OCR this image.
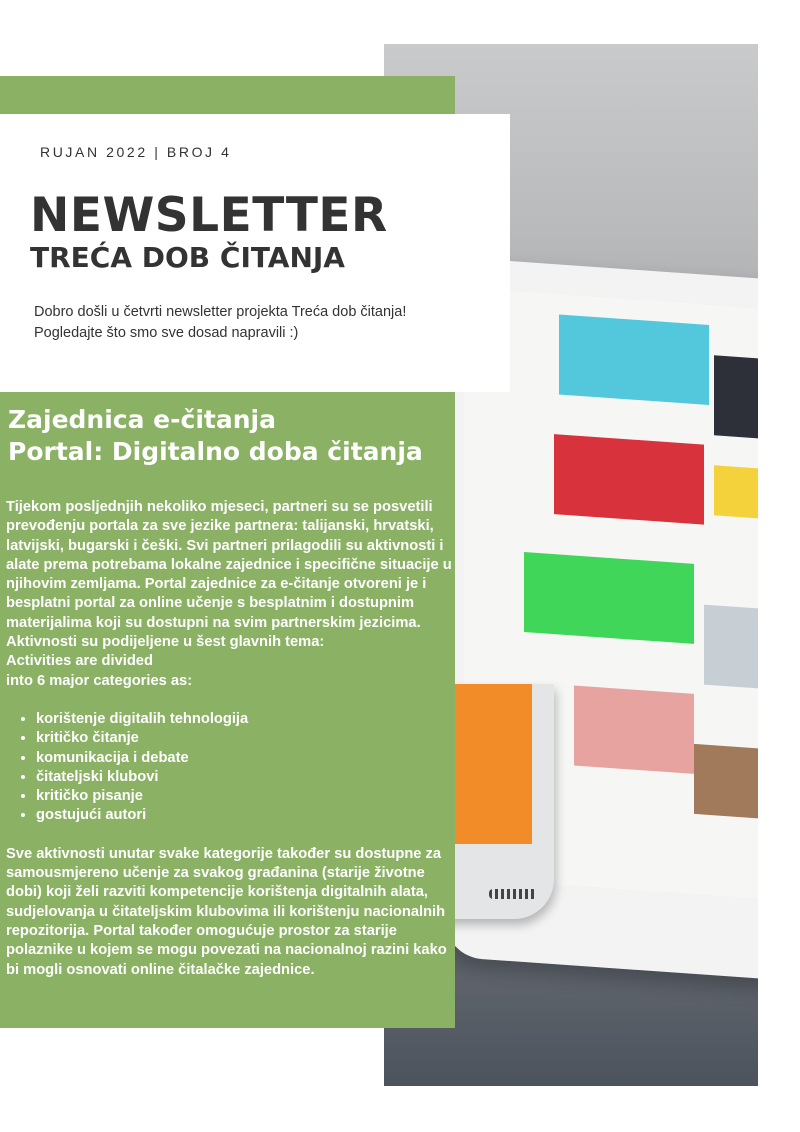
RUJAN 2022 | BROJ 4
NEWSLETTER
TREĆA DOB ČITANJA
Dobro došli u četvrti newsletter projekta Treća dob čitanja! Pogledajte što smo sve dosad napravili :)
Zajednica e-čitanja
Portal: Digitalno doba čitanja

Tijekom posljednjih nekoliko mjeseci, partneri su se posvetili prevođenju portala za sve jezike partnera: talijanski, hrvatski, latvijski, bugarski i češki. Svi partneri prilagodili su aktivnosti i alate prema potrebama lokalne zajednice i specifične situacije u njihovim zemljama. Portal zajednice za e-čitanje otvoreni je i besplatni portal za online učenje s besplatnim i dostupnim materijalima koji su dostupni na svim partnerskim jezicima.

Aktivnosti su podijeljene u šest glavnih tema:

Activities are divided

into 6 major categories as:

• korištenje digitalih tehnologija
• kritičko čitanje
• komunikacija i debate
• čitateljski klubovi
• kritičko pisanje
• gostujući autori

Sve aktivnosti unutar svake kategorije također su dostupne za samousmjereno učenje za svakog građanina (starije životne dobi) koji želi razviti kompetencije korištenja digitalnih alata, sudjelovanja u čitateljskim klubovima ili korištenju nacionalnih repozitorija. Portal također omogućuje prostor za starije polaznike u kojem se mogu povezati na nacionalnoj razini kako bi mogli osnovati online čitalačke zajednice.
